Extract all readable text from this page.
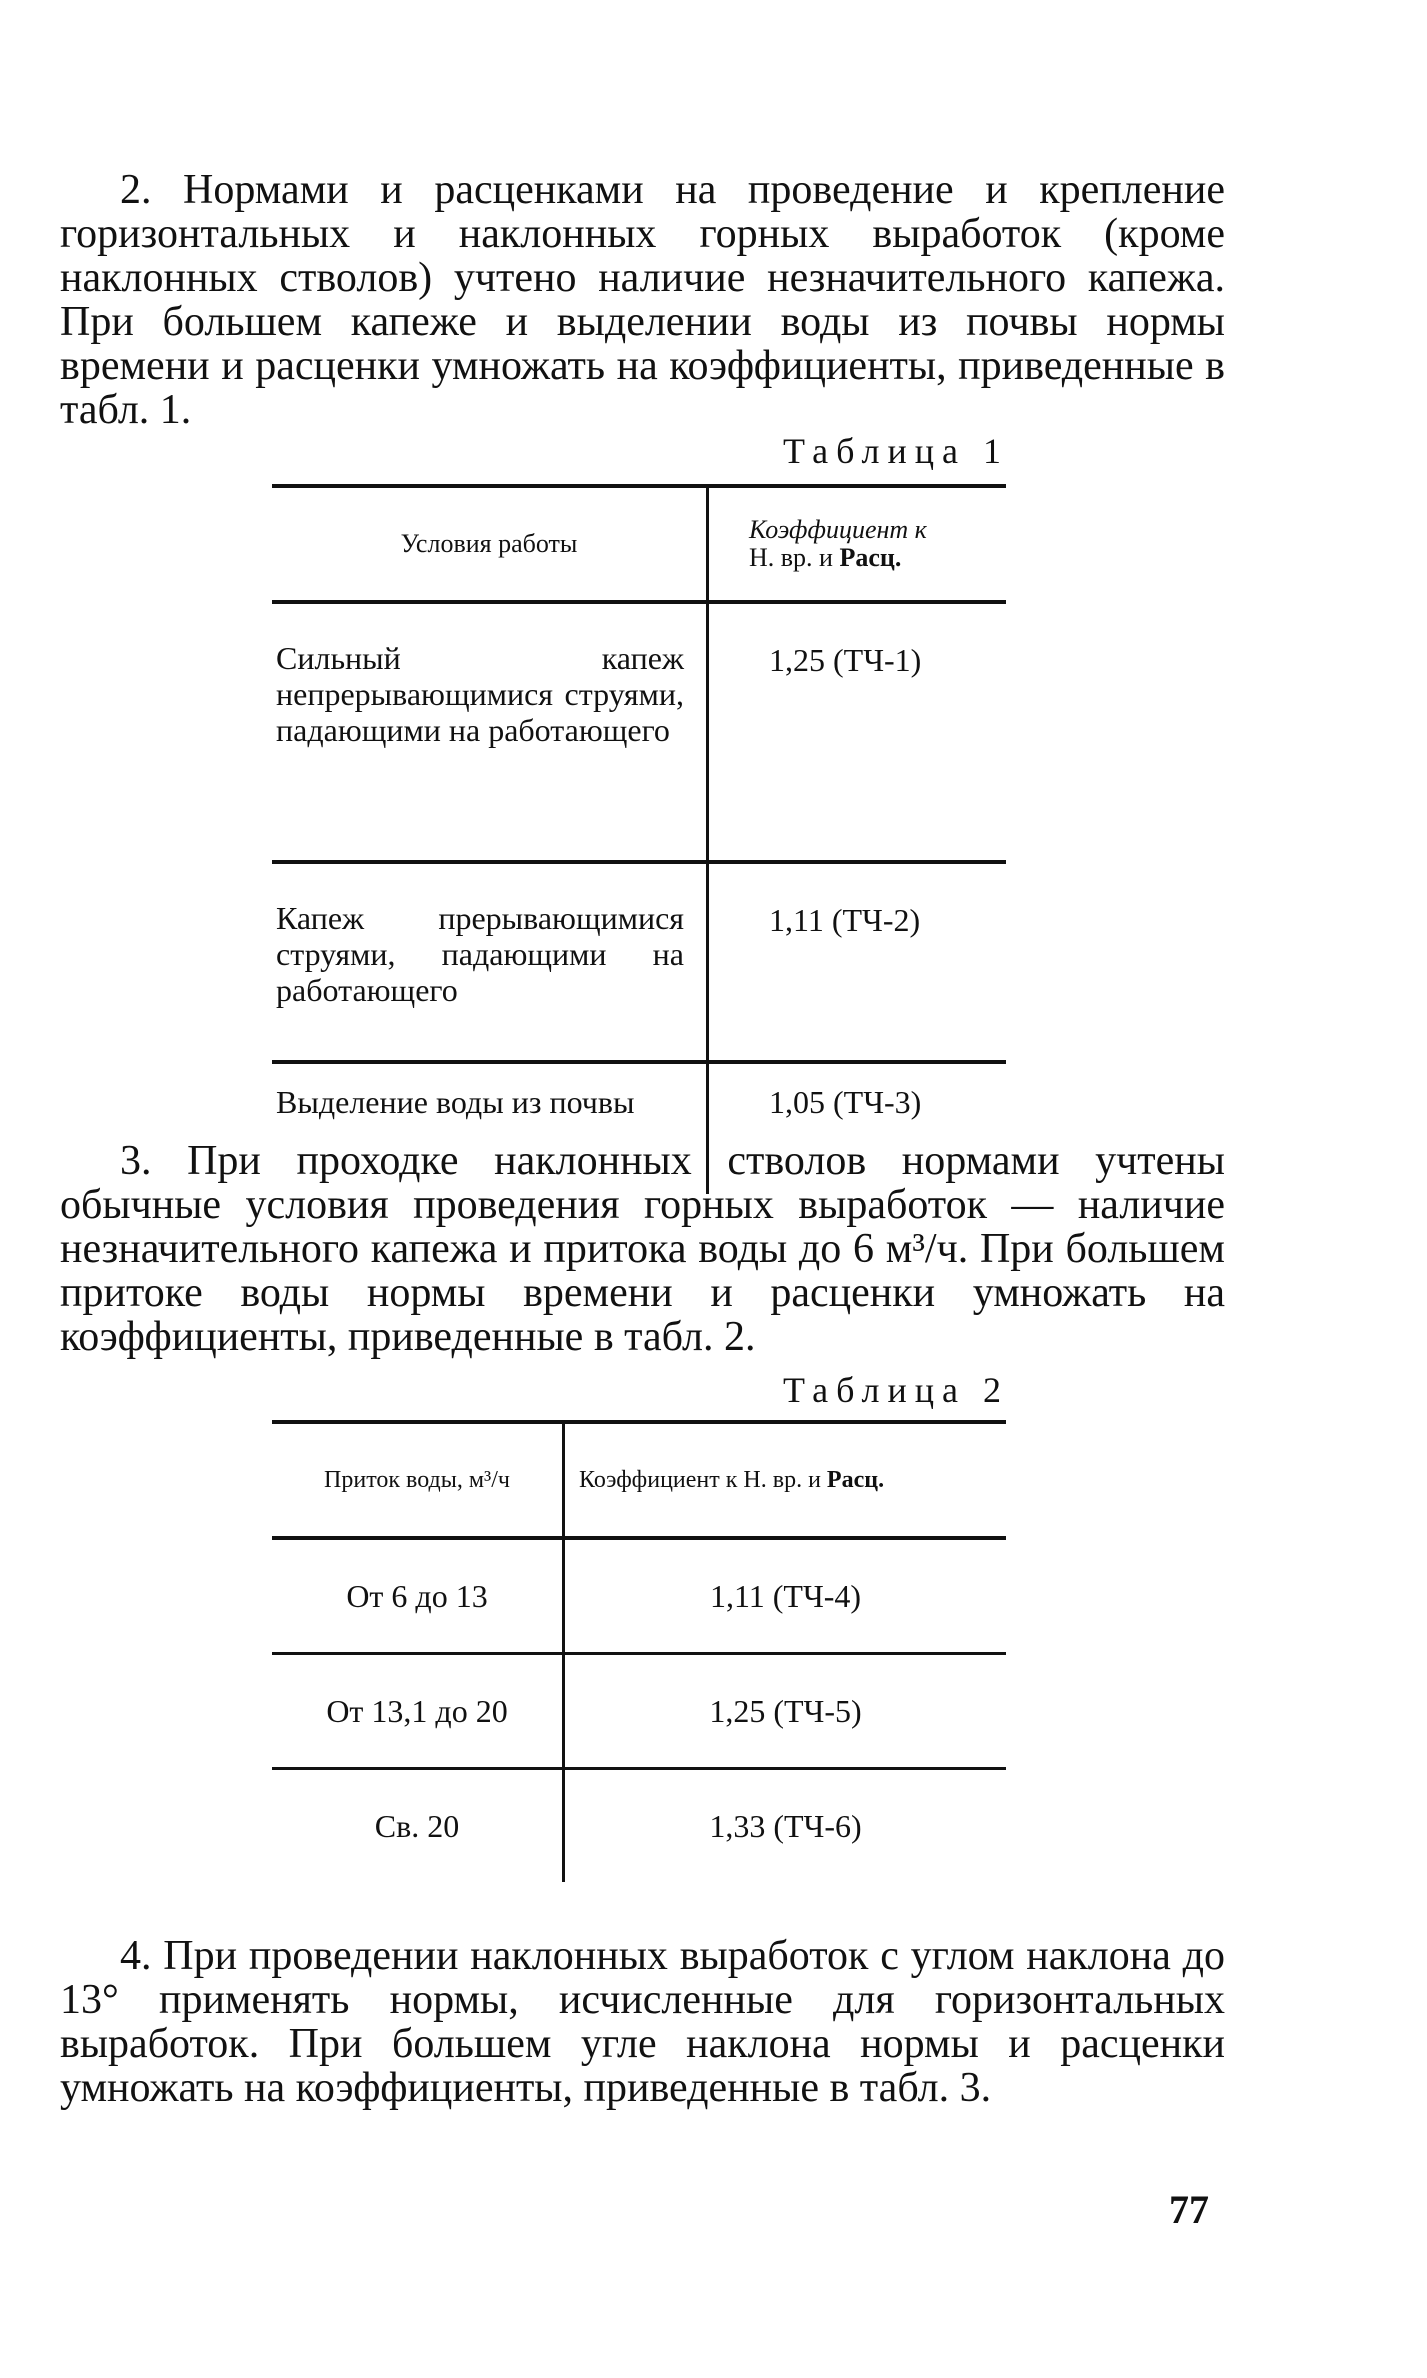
2. Нормами и расценками на проведение и крепление горизонтальных и наклонных горных выработок (кроме наклонных стволов) учтено наличие незначительного капежа. При большем капеже и выделении воды из почвы нормы времени и расценки умножать на коэффициенты, приведенные в табл. 1.

Таблица 1
Условия работы	Коэффициент к
Н. вр. и Расц.
Сильный капеж непрерывающимися струями, падающими на работающего	1,25 (ТЧ-1)
Капеж прерывающимися струями, падающими на работающего	1,11 (ТЧ-2)
Выделение воды из почвы	1,05 (ТЧ-3)

3. При проходке наклонных стволов нормами учтены обычные условия проведения горных выработок — наличие незначительного капежа и притока воды до 6 м³/ч. При большем притоке воды нормы времени и расценки умножать на коэффициенты, приведенные в табл. 2.

Таблица 2
Приток воды, м³/ч	Коэффициент к Н. вр. и Расц.
От 6 до 13	1,11 (ТЧ-4)
От 13,1 до 20	1,25 (ТЧ-5)
Св. 20	1,33 (ТЧ-6)

4. При проведении наклонных выработок с углом наклона до 13° применять нормы, исчисленные для горизонтальных выработок. При большем угле наклона нормы и расценки умножать на коэффициенты, приведенные в табл. 3.

77
